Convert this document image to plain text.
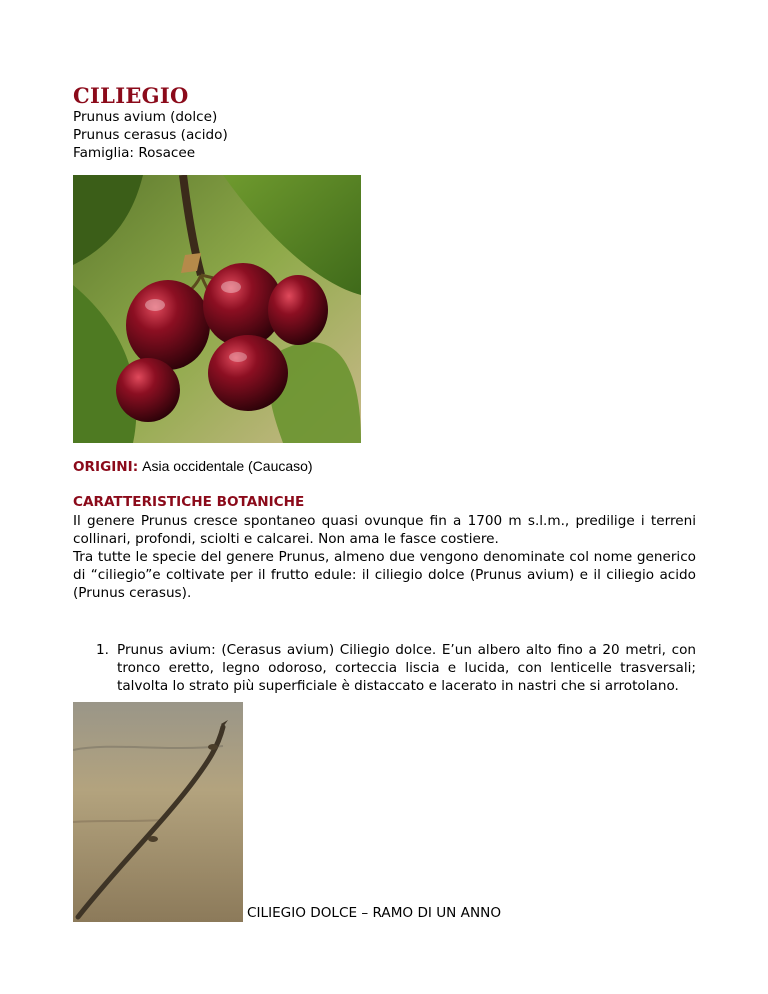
CILIEGIO
Prunus avium (dolce)
Prunus cerasus (acido)
Famiglia: Rosacee
ORIGINI: Asia occidentale (Caucaso)
CARATTERISTICHE BOTANICHE
Il genere Prunus cresce spontaneo quasi ovunque fin a 1700 m s.l.m., predilige i terreni collinari, profondi, sciolti e calcarei. Non ama le fasce costiere.
Tra tutte le specie del genere Prunus, almeno due vengono denominate col nome generico di “ciliegio”e coltivate per il frutto edule: il ciliegio dolce (Prunus avium) e il ciliegio acido (Prunus cerasus).
1. Prunus avium: (Cerasus avium) Ciliegio dolce. E’un albero alto fino a 20 metri, con tronco eretto, legno odoroso, corteccia liscia e lucida, con lenticelle trasversali; talvolta lo strato più superficiale è distaccato e lacerato in nastri che si arrotolano.
CILIEGIO DOLCE – RAMO DI UN ANNO
